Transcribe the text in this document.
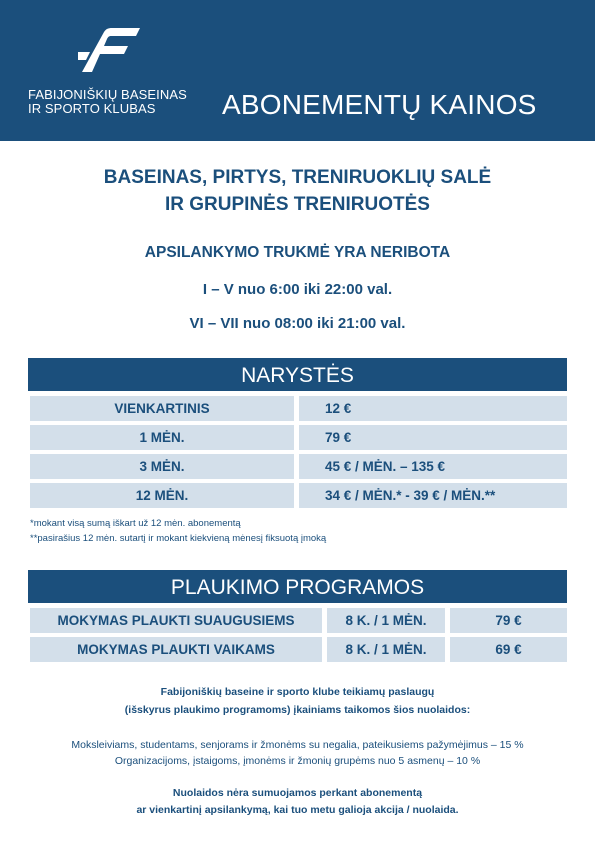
FABIJONIŠKIŲ BASEINAS
IR SPORTO KLUBAS	ABONEMENTŲ KAINOS
BASEINAS, PIRTYS, TRENIRUOKLIŲ SALĖ
IR GRUPINĖS TRENIRUOTĖS
APSILANKYMO TRUKMĖ YRA NERIBOTA
I – V nuo 6:00 iki 22:00 val.
VI – VII nuo 08:00 iki 21:00 val.
NARYSTĖS
VIENKARTINIS	12 €
1 MĖN.	79 €
3 MĖN.	45 € / MĖN. – 135 €
12 MĖN.	34 € / MĖN.* - 39 € / MĖN.**
*mokant visą sumą iškart už 12 mėn. abonementą
**pasirašius 12 mėn. sutartį ir mokant kiekvieną mėnesį fiksuotą įmoką
PLAUKIMO PROGRAMOS
MOKYMAS PLAUKTI SUAUGUSIEMS	8 K. / 1 MĖN.	79 €
MOKYMAS PLAUKTI VAIKAMS	8 K. / 1 MĖN.	69 €
Fabijoniškių baseine ir sporto klube teikiamų paslaugų
(išskyrus plaukimo programoms) įkainiams taikomos šios nuolaidos:
Moksleiviams, studentams, senjorams ir žmonėms su negalia, pateikusiems pažymėjimus – 15 %
Organizacijoms, įstaigoms, įmonėms ir žmonių grupėms nuo 5 asmenų – 10 %
Nuolaidos nėra sumuojamos perkant abonementą
ar vienkartinį apsilankymą, kai tuo metu galioja akcija / nuolaida.
